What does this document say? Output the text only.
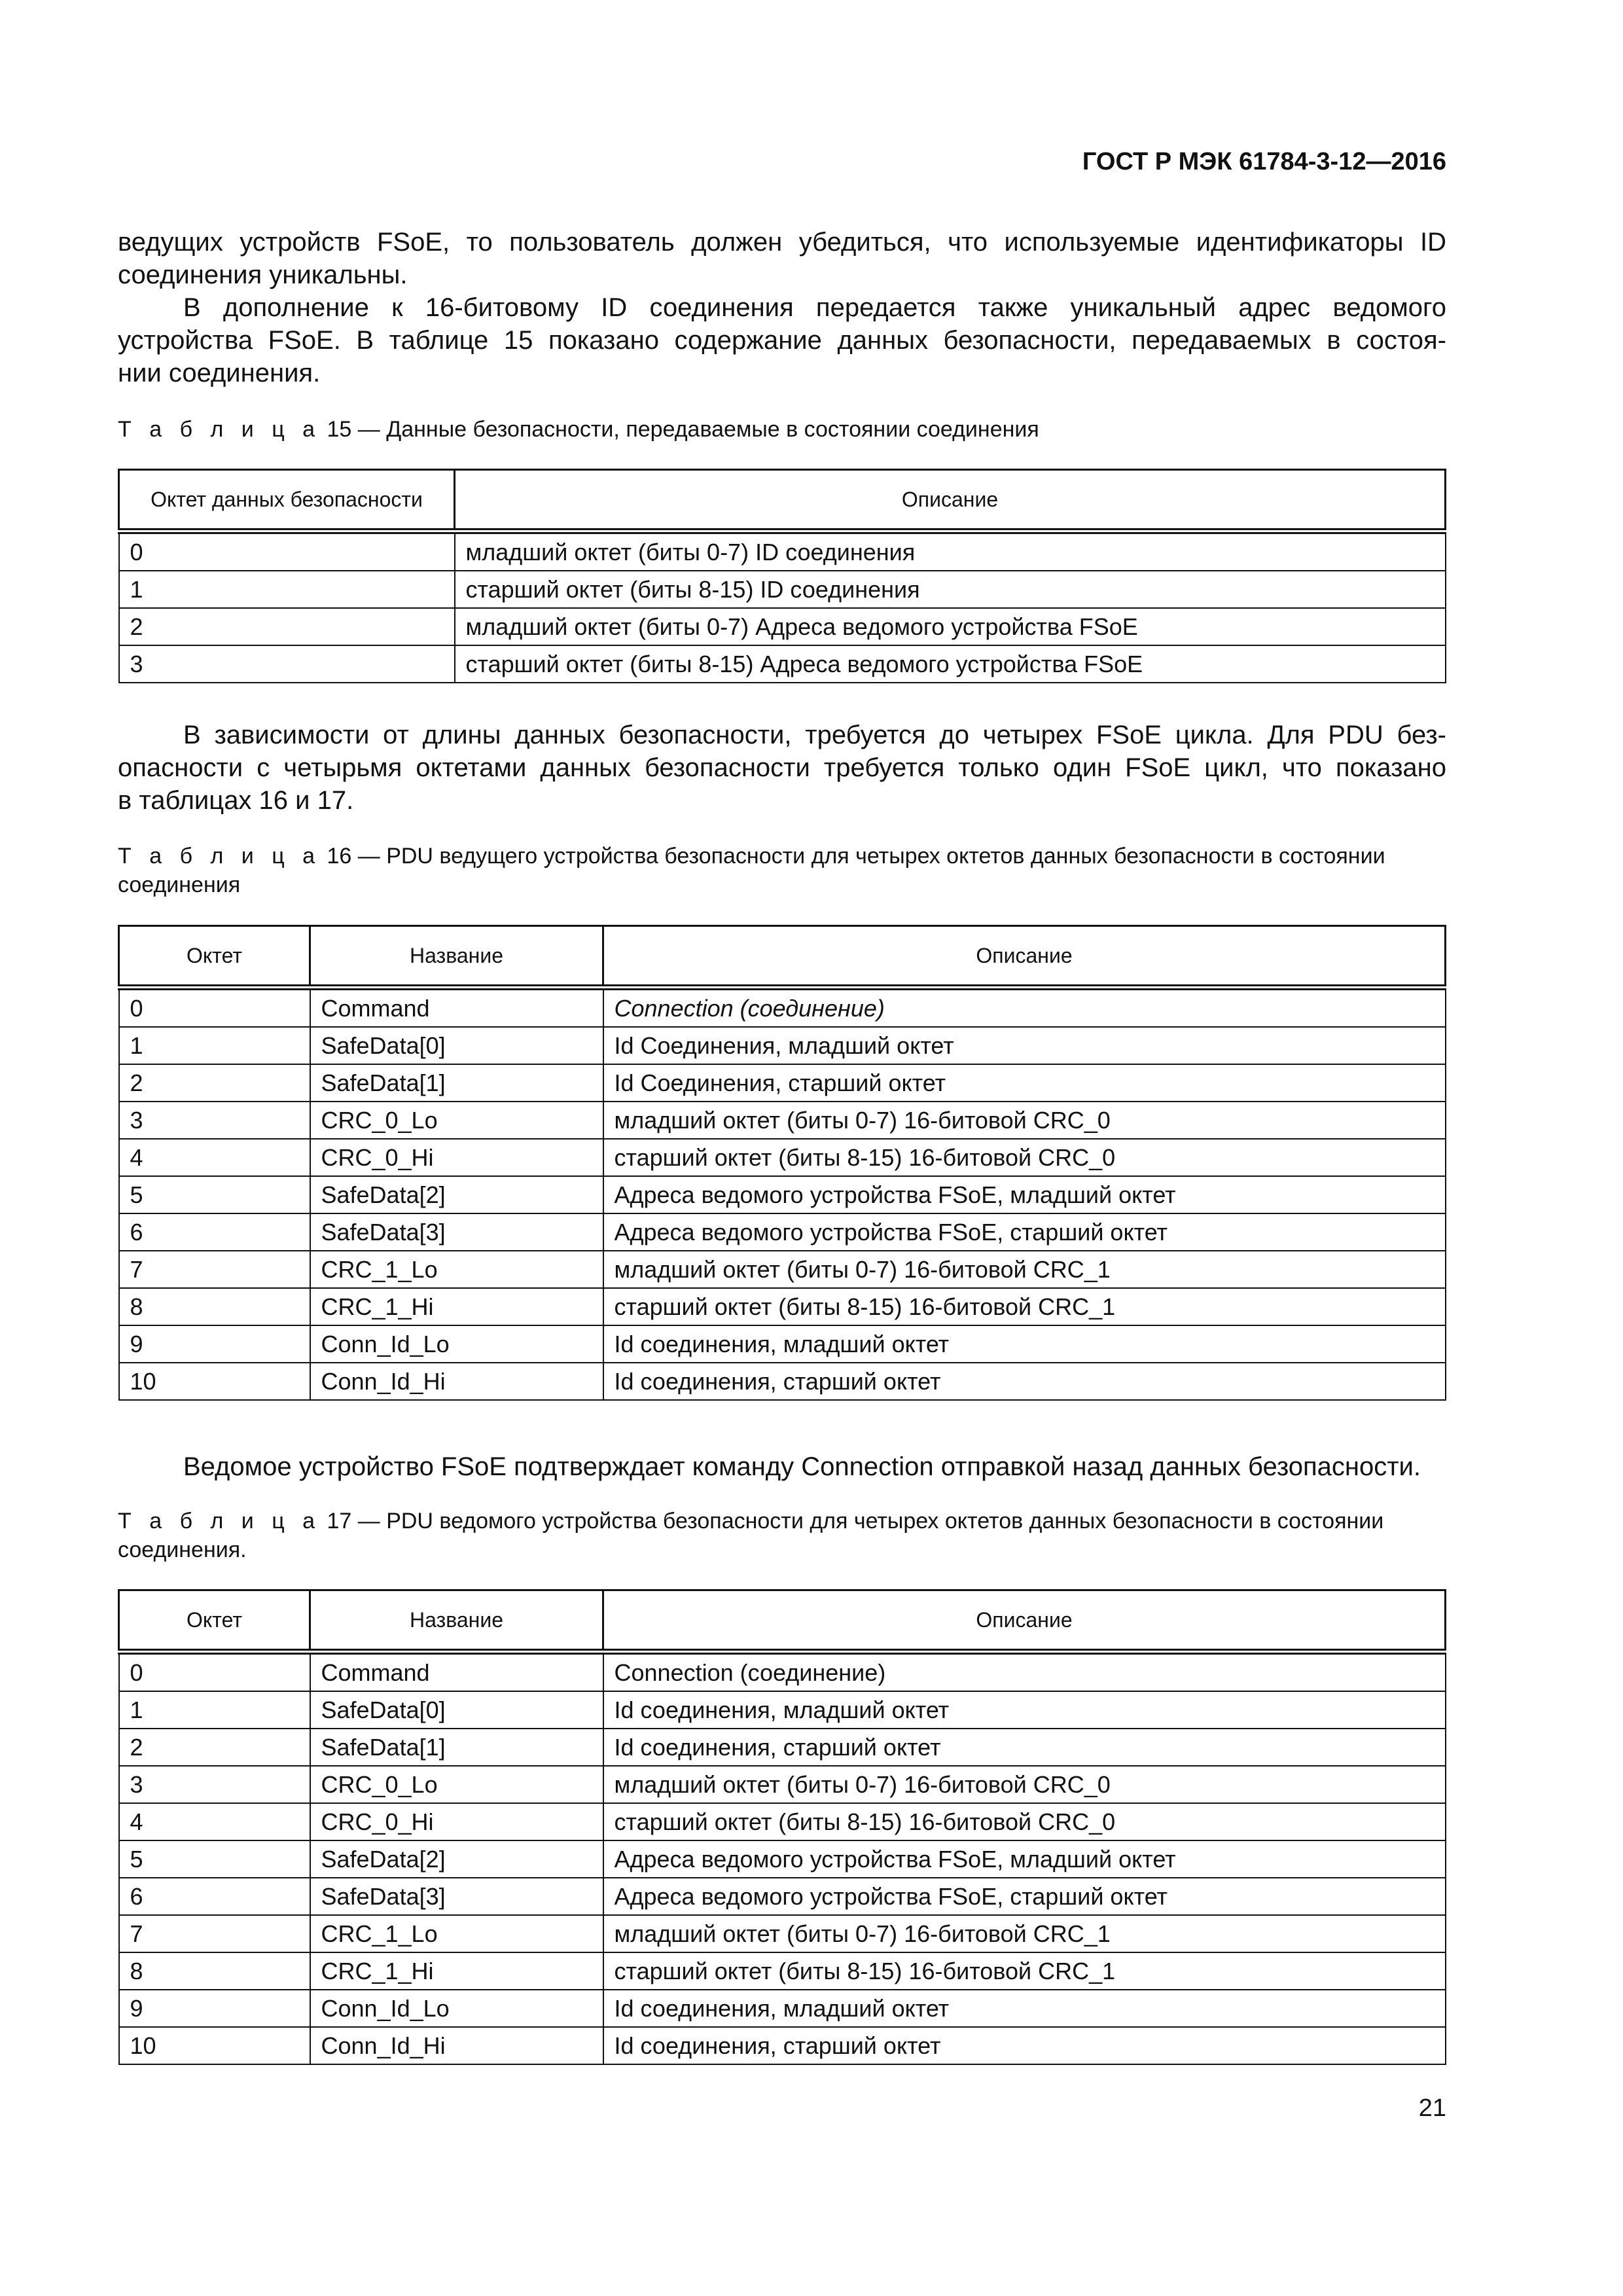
ГОСТ Р МЭК 61784-3-12—2016
ведущих устройств FSoE, то пользователь должен убедиться, что используемые идентификаторы ID
соединения уникальны.
В дополнение к 16-битовому ID соединения передается также уникальный адрес ведомого
устройства FSoE. В таблице 15 показано содержание данных безопасности, передаваемых в состоя-
нии соединения.
Т а б л и ц а 15 — Данные безопасности, передаваемые в состоянии соединения
Октет данных безопасности	Описание
0	младший октет (биты 0-7) ID соединения
1	старший октет (биты 8-15) ID соединения
2	младший октет (биты 0-7) Адреса ведомого устройства FSoE
3	старший октет (биты 8-15) Адреса ведомого устройства FSoE
В зависимости от длины данных безопасности, требуется до четырех FSoE цикла. Для PDU без-
опасности с четырьмя октетами данных безопасности требуется только один FSoE цикл, что показано
в таблицах 16 и 17.
Т а б л и ц а 16 — PDU ведущего устройства безопасности для четырех октетов данных безопасности в состоянии
соединения
Октет	Название	Описание
0	Command	Connection (соединение)
1	SafeData[0]	Id Соединения, младший октет
2	SafeData[1]	Id Соединения, старший октет
3	CRC_0_Lo	младший октет (биты 0-7) 16-битовой CRC_0
4	CRC_0_Hi	старший октет (биты 8-15) 16-битовой CRC_0
5	SafeData[2]	Адреса ведомого устройства FSoE, младший октет
6	SafeData[3]	Адреса ведомого устройства FSoE, старший октет
7	CRC_1_Lo	младший октет (биты 0-7) 16-битовой CRC_1
8	CRC_1_Hi	старший октет (биты 8-15) 16-битовой CRC_1
9	Conn_Id_Lo	Id соединения, младший октет
10	Conn_Id_Hi	Id соединения, старший октет
Ведомое устройство FSoE подтверждает команду Connection отправкой назад данных безопасности.
Т а б л и ц а 17 — PDU ведомого устройства безопасности для четырех октетов данных безопасности в состоянии
соединения.
Октет	Название	Описание
0	Command	Connection (соединение)
1	SafeData[0]	Id соединения, младший октет
2	SafeData[1]	Id соединения, старший октет
3	CRC_0_Lo	младший октет (биты 0-7) 16-битовой CRC_0
4	CRC_0_Hi	старший октет (биты 8-15) 16-битовой CRC_0
5	SafeData[2]	Адреса ведомого устройства FSoE, младший октет
6	SafeData[3]	Адреса ведомого устройства FSoE, старший октет
7	CRC_1_Lo	младший октет (биты 0-7) 16-битовой CRC_1
8	CRC_1_Hi	старший октет (биты 8-15) 16-битовой CRC_1
9	Conn_Id_Lo	Id соединения, младший октет
10	Conn_Id_Hi	Id соединения, старший октет
21
